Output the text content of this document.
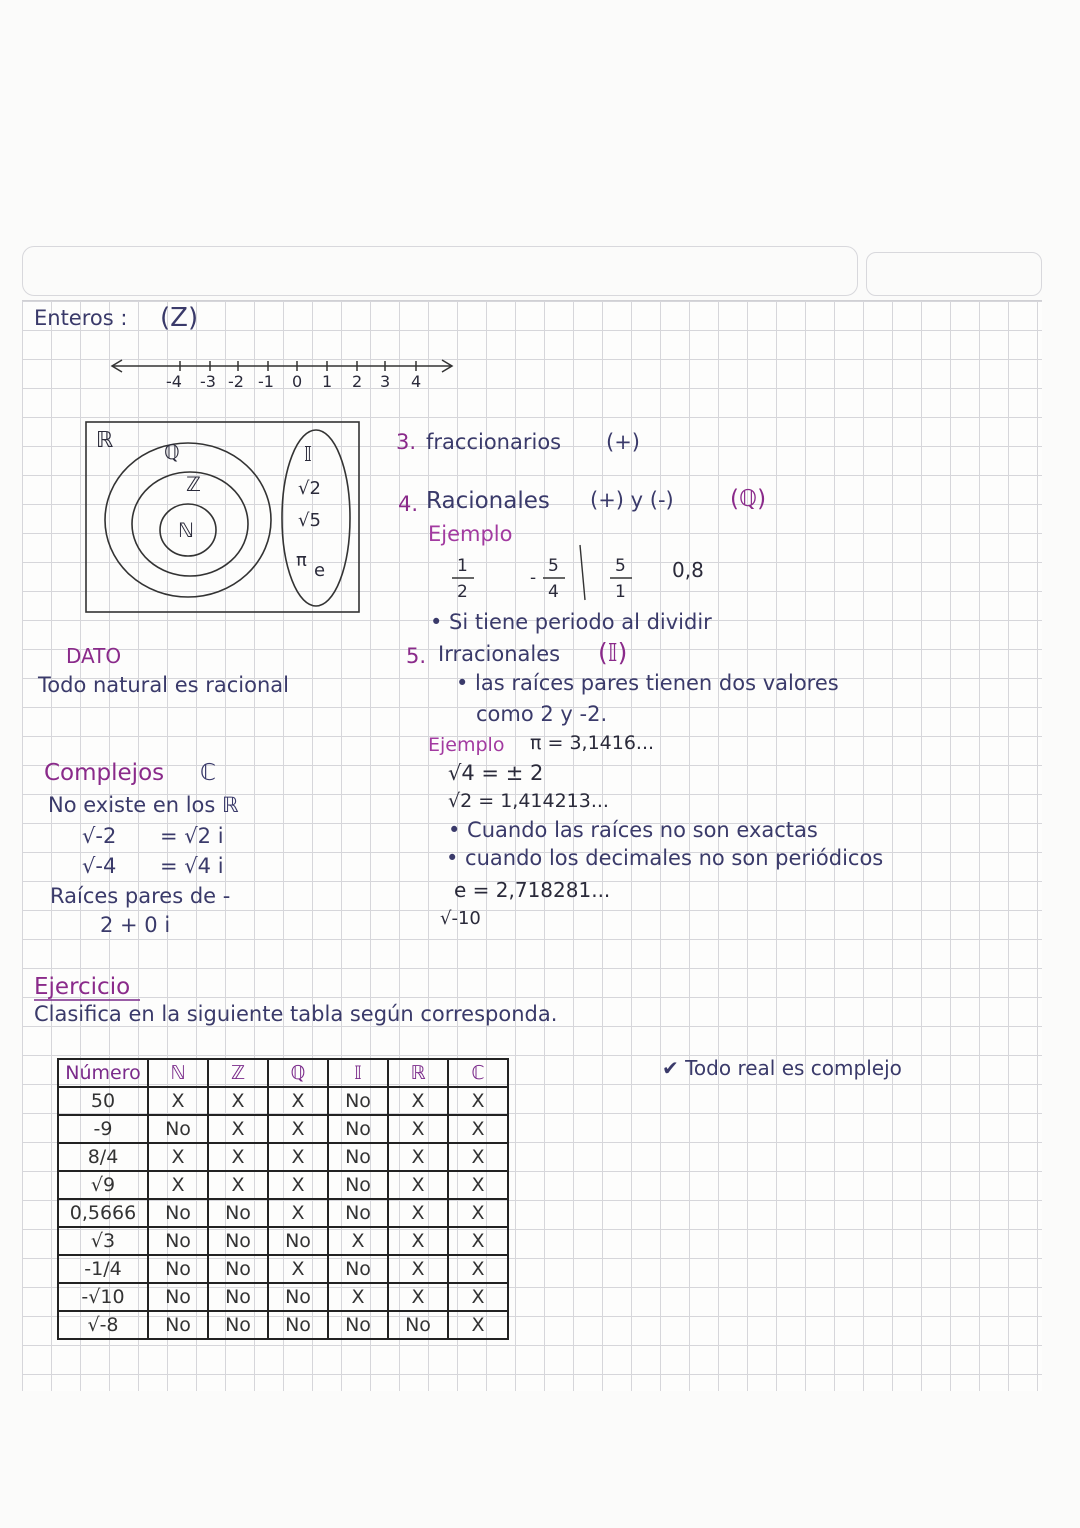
Enteros : (Z)
-4 -3 -2 -1 0 1 2 3 4
ℝ	ℚ
ℤ
ℕ
𝕀
√2
√5
π e
DATO
Todo natural es racional
Complejos ℂ
No existe en los ℝ
√-2 = √2 i
√-4 = √4 i
Raíces pares de -
2 + 0 i
3. fraccionarios (+)
4. Racionales (+) y (-) (ℚ)
Ejemplo
1
2
-
5
4
5
1
0,8
• Si tiene periodo al dividir
5. Irracionales (𝕀)
• las raíces pares tienen dos valores
como 2 y -2.
Ejemplo π = 3,1416...
√4 = ± 2
√2 = 1,414213...
• Cuando las raíces no son exactas
• cuando los decimales no son periódicos
e = 2,718281...
√-10
Ejercicio
Clasifica en la siguiente tabla según corresponda.
✔ Todo real es complejo
Número	ℕ	ℤ	ℚ	𝕀	ℝ	ℂ
50	X	X	X	No	X	X
-9	No	X	X	No	X	X
8/4	X	X	X	No	X	X
√9	X	X	X	No	X	X
0,5666	No	No	X	No	X	X
√3	No	No	No	X	X	X
-1/4	No	No	X	No	X	X
-√10	No	No	No	X	X	X
√-8	No	No	No	No	No	X
